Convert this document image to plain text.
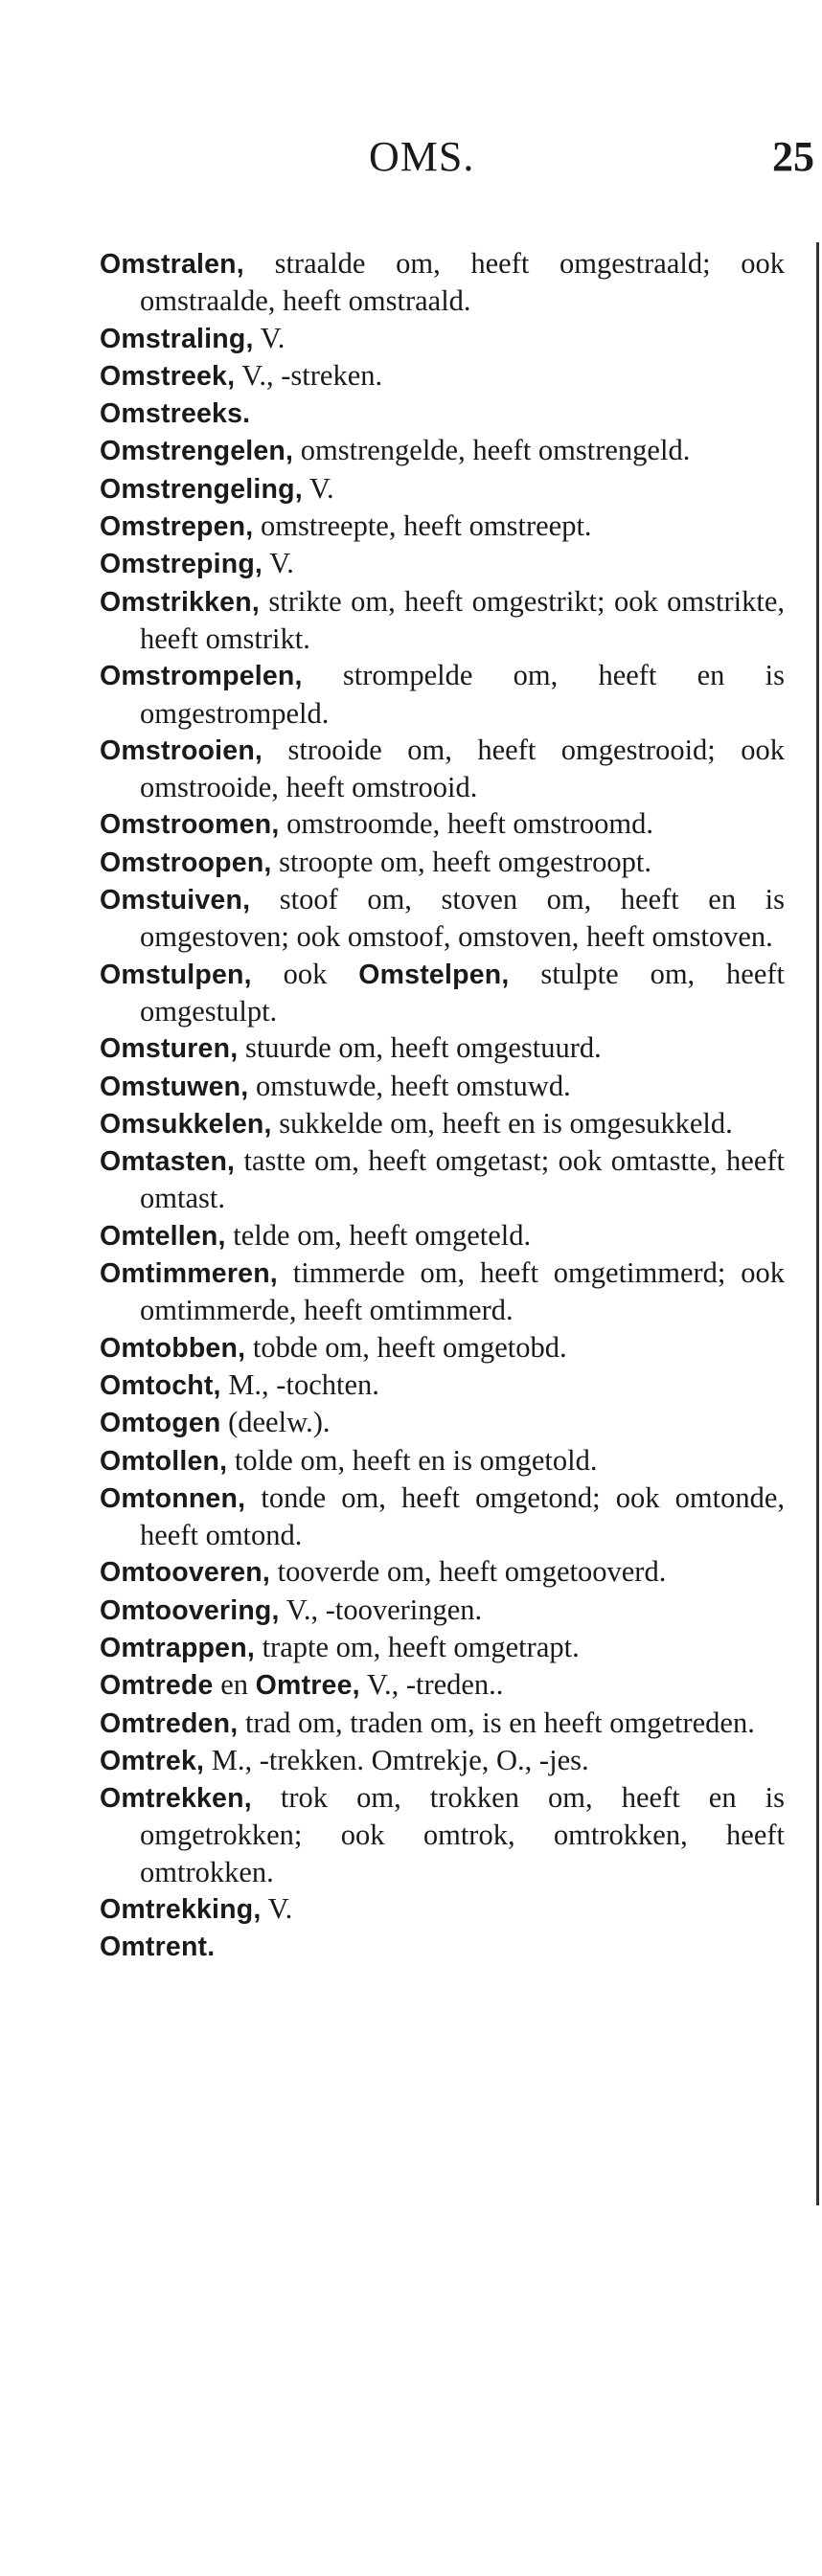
OMS.	25
Omstralen, straalde om, heeft omgestraald; ook omstraalde, heeft omstraald.
Omstraling, V.
Omstreek, V., -streken.
Omstreeks.
Omstrengelen, omstrengelde, heeft omstrengeld.
Omstrengeling, V.
Omstrepen, omstreepte, heeft omstreept.
Omstreping, V.
Omstrikken, strikte om, heeft omgestrikt; ook omstrikte, heeft omstrikt.
Omstrompelen, strompelde om, heeft en is omgestrompeld.
Omstrooien, strooide om, heeft omgestrooid; ook omstrooide, heeft omstrooid.
Omstroomen, omstroomde, heeft omstroomd.
Omstroopen, stroopte om, heeft omgestroopt.
Omstuiven, stoof om, stoven om, heeft en is omgestoven; ook omstoof, omstoven, heeft omstoven.
Omstulpen, ook Omstelpen, stulpte om, heeft omgestulpt.
Omsturen, stuurde om, heeft omgestuurd.
Omstuwen, omstuwde, heeft omstuwd.
Omsukkelen, sukkelde om, heeft en is omgesukkeld.
Omtasten, tastte om, heeft omgetast; ook omtastte, heeft omtast.
Omtellen, telde om, heeft omgeteld.
Omtimmeren, timmerde om, heeft omgetimmerd; ook omtimmerde, heeft omtimmerd.
Omtobben, tobde om, heeft omgetobd.
Omtocht, M., -tochten.
Omtogen (deelw.).
Omtollen, tolde om, heeft en is omgetold.
Omtonnen, tonde om, heeft omgetond; ook omtonde, heeft omtond.
Omtooveren, tooverde om, heeft omgetooverd.
Omtoovering, V., -tooveringen.
Omtrappen, trapte om, heeft omgetrapt.
Omtrede en Omtree, V., -treden..
Omtreden, trad om, traden om, is en heeft omgetreden.
Omtrek, M., -trekken. Omtrekje, O., -jes.
Omtrekken, trok om, trokken om, heeft en is omgetrokken; ook omtrok, omtrokken, heeft omtrokken.
Omtrekking, V.
Omtrent.
